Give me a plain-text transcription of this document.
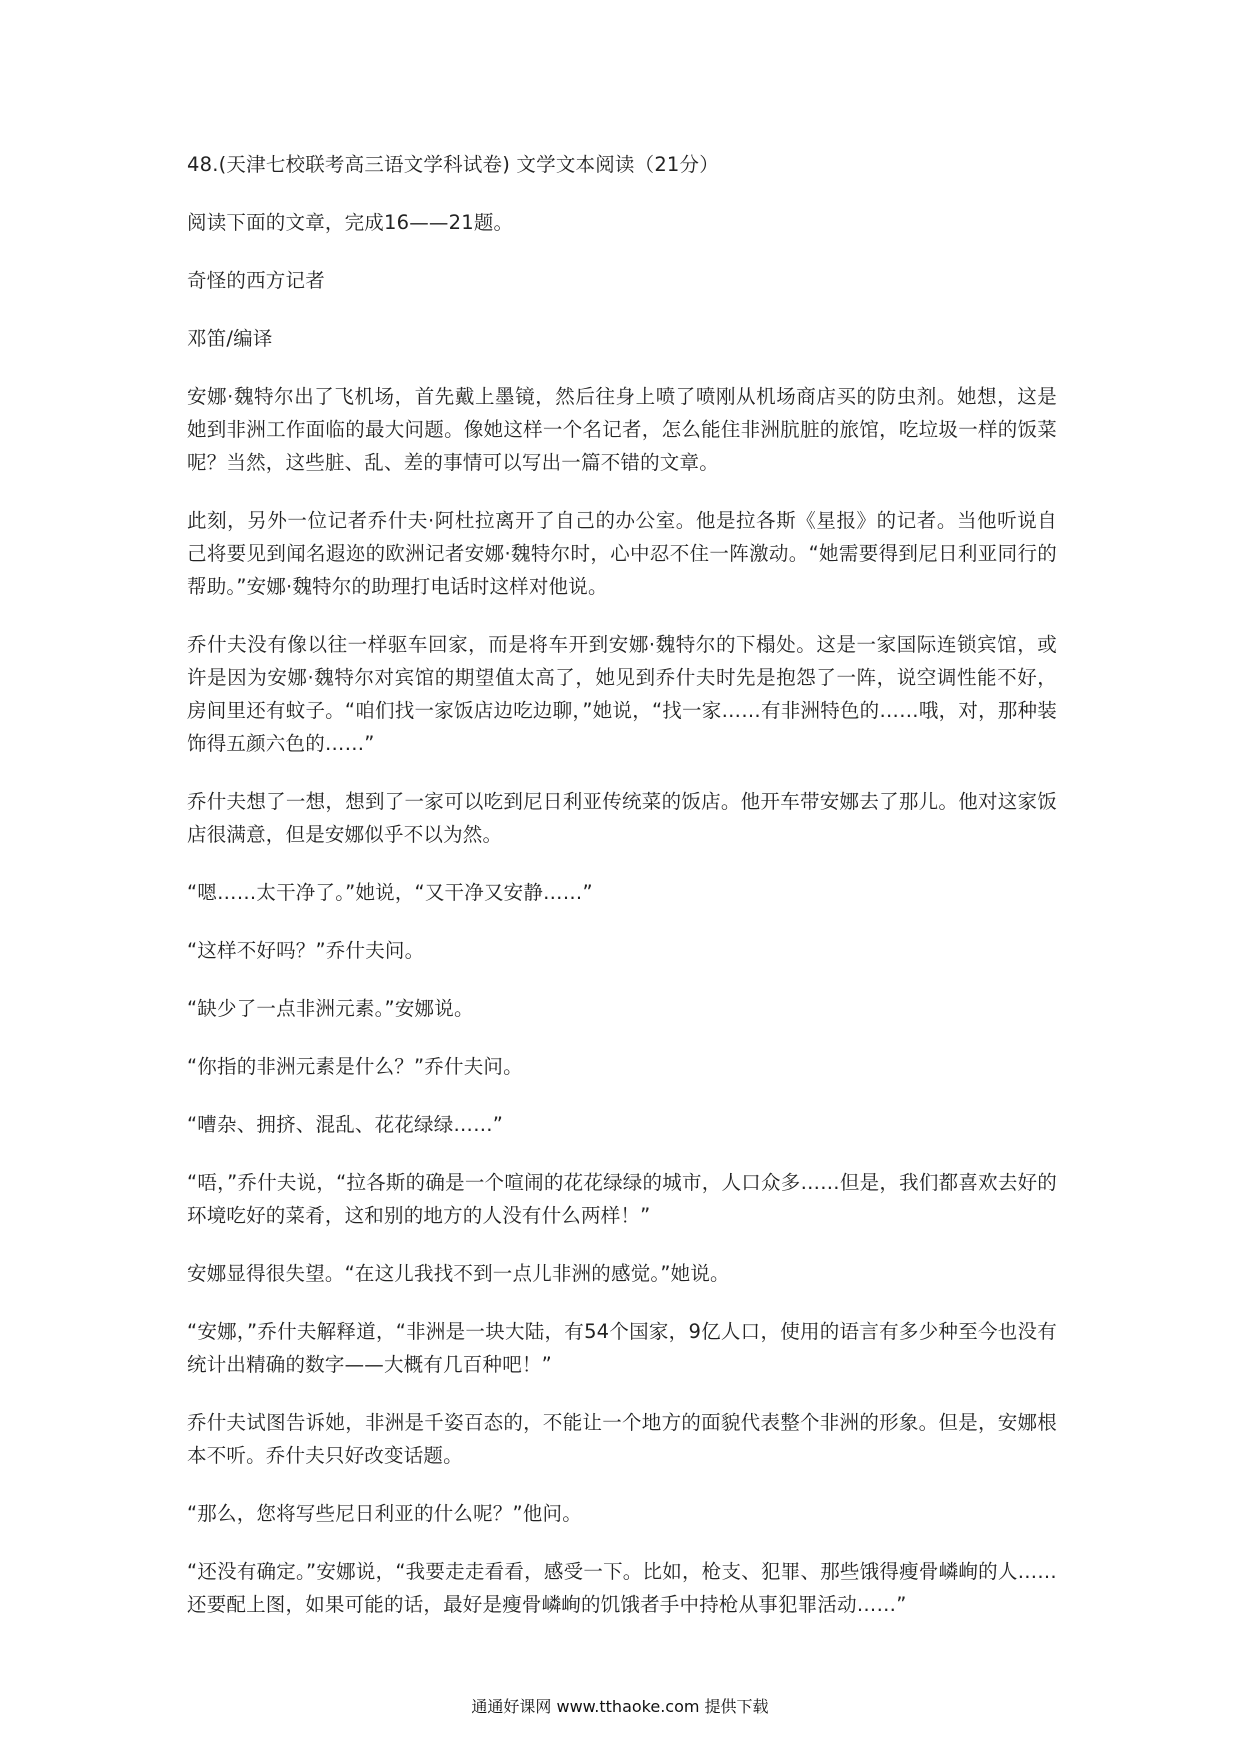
48.(天津七校联考高三语文学科试卷) 文学文本阅读（21分）

阅读下面的文章，完成16——21题。

奇怪的西方记者

邓笛/编译

安娜·魏特尔出了飞机场，首先戴上墨镜，然后往身上喷了喷刚从机场商店买的防虫剂。她想，这是她到非洲工作面临的最大问题。像她这样一个名记者，怎么能住非洲肮脏的旅馆，吃垃圾一样的饭菜呢？当然，这些脏、乱、差的事情可以写出一篇不错的文章。

此刻，另外一位记者乔什夫·阿杜拉离开了自己的办公室。他是拉各斯《星报》的记者。当他听说自己将要见到闻名遐迩的欧洲记者安娜·魏特尔时，心中忍不住一阵激动。“她需要得到尼日利亚同行的帮助。”安娜·魏特尔的助理打电话时这样对他说。

乔什夫没有像以往一样驱车回家，而是将车开到安娜·魏特尔的下榻处。这是一家国际连锁宾馆，或许是因为安娜·魏特尔对宾馆的期望值太高了，她见到乔什夫时先是抱怨了一阵，说空调性能不好，房间里还有蚊子。“咱们找一家饭店边吃边聊，”她说，“找一家……有非洲特色的……哦，对，那种装饰得五颜六色的……”

乔什夫想了一想，想到了一家可以吃到尼日利亚传统菜的饭店。他开车带安娜去了那儿。他对这家饭店很满意，但是安娜似乎不以为然。

“嗯……太干净了。”她说，“又干净又安静……”

“这样不好吗？”乔什夫问。

“缺少了一点非洲元素。”安娜说。

“你指的非洲元素是什么？”乔什夫问。

“嘈杂、拥挤、混乱、花花绿绿……”

“唔，”乔什夫说，“拉各斯的确是一个喧闹的花花绿绿的城市，人口众多……但是，我们都喜欢去好的环境吃好的菜肴，这和别的地方的人没有什么两样！”

安娜显得很失望。“在这儿我找不到一点儿非洲的感觉。”她说。

“安娜，”乔什夫解释道，“非洲是一块大陆，有54个国家，9亿人口，使用的语言有多少种至今也没有统计出精确的数字——大概有几百种吧！”

乔什夫试图告诉她，非洲是千姿百态的，不能让一个地方的面貌代表整个非洲的形象。但是，安娜根本不听。乔什夫只好改变话题。

“那么，您将写些尼日利亚的什么呢？”他问。

“还没有确定。”安娜说，“我要走走看看，感受一下。比如，枪支、犯罪、那些饿得瘦骨嶙峋的人……还要配上图，如果可能的话，最好是瘦骨嶙峋的饥饿者手中持枪从事犯罪活动……”

通通好课网 www.tthaoke.com 提供下载
